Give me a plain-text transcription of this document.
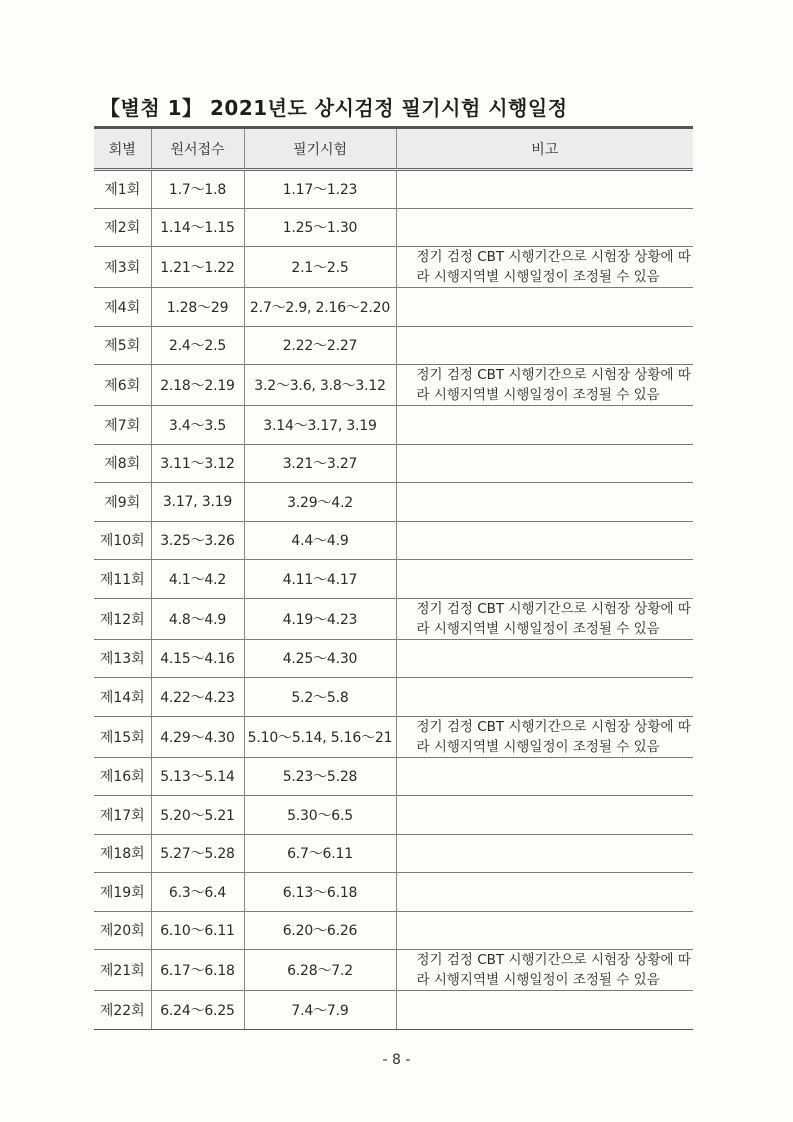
【별첨 1】 2021년도 상시검정 필기시험 시행일정
회별	원서접수	필기시험	비고
제1회	1.7～1.8	1.17～1.23	
제2회	1.14～1.15	1.25～1.30	
제3회	1.21～1.22	2.1～2.5	정기 검정 CBT 시행기간으로 시험장 상황에 따라 시행지역별 시행일정이 조정될 수 있음
제4회	1.28～29	2.7～2.9, 2.16～2.20	
제5회	2.4～2.5	2.22～2.27	
제6회	2.18～2.19	3.2～3.6, 3.8～3.12	정기 검정 CBT 시행기간으로 시험장 상황에 따라 시행지역별 시행일정이 조정될 수 있음
제7회	3.4～3.5	3.14～3.17, 3.19	
제8회	3.11～3.12	3.21～3.27	
제9회	3.17, 3.19	3.29～4.2	
제10회	3.25～3.26	4.4～4.9	
제11회	4.1～4.2	4.11～4.17	
제12회	4.8～4.9	4.19～4.23	정기 검정 CBT 시행기간으로 시험장 상황에 따라 시행지역별 시행일정이 조정될 수 있음
제13회	4.15～4.16	4.25～4.30	
제14회	4.22～4.23	5.2～5.8	
제15회	4.29～4.30	5.10～5.14, 5.16～21	정기 검정 CBT 시행기간으로 시험장 상황에 따라 시행지역별 시행일정이 조정될 수 있음
제16회	5.13～5.14	5.23～5.28	
제17회	5.20～5.21	5.30～6.5	
제18회	5.27～5.28	6.7～6.11	
제19회	6.3～6.4	6.13～6.18	
제20회	6.10～6.11	6.20～6.26	
제21회	6.17～6.18	6.28～7.2	정기 검정 CBT 시행기간으로 시험장 상황에 따라 시행지역별 시행일정이 조정될 수 있음
제22회	6.24～6.25	7.4～7.9	
- 8 -
